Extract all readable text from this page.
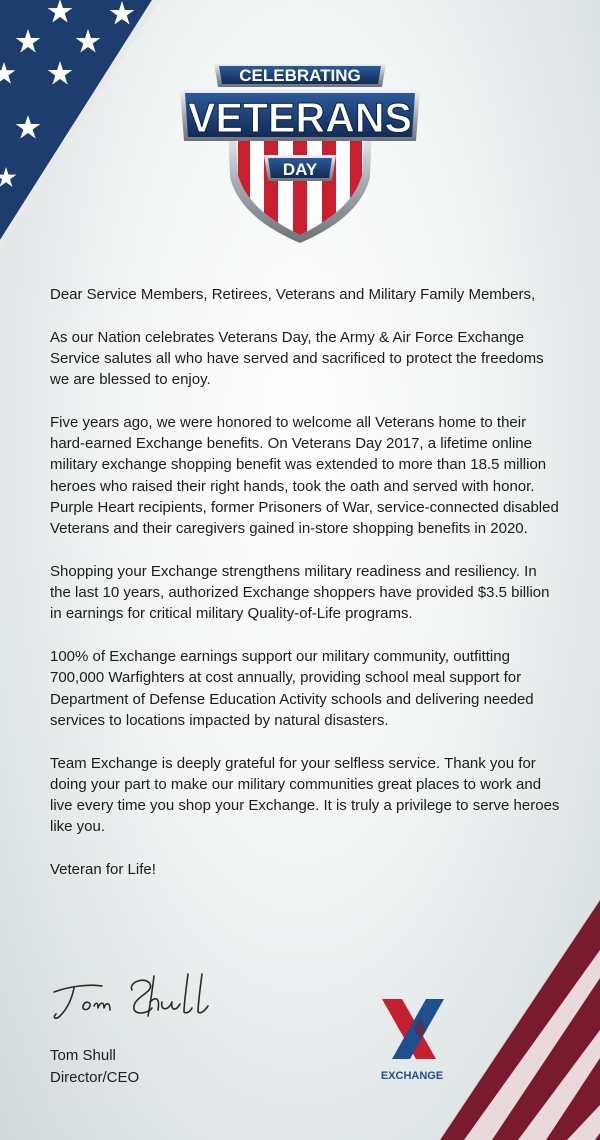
CELEBRATING
VETERANS
DAY

Dear Service Members, Retirees, Veterans and Military Family Members,

As our Nation celebrates Veterans Day, the Army & Air Force Exchange Service salutes all who have served and sacrificed to protect the freedoms we are blessed to enjoy.

Five years ago, we were honored to welcome all Veterans home to their hard-earned Exchange benefits. On Veterans Day 2017, a lifetime online military exchange shopping benefit was extended to more than 18.5 million heroes who raised their right hands, took the oath and served with honor. Purple Heart recipients, former Prisoners of War, service-connected disabled Veterans and their caregivers gained in-store shopping benefits in 2020.

Shopping your Exchange strengthens military readiness and resiliency. In the last 10 years, authorized Exchange shoppers have provided $3.5 billion in earnings for critical military Quality-of-Life programs.

100% of Exchange earnings support our military community, outfitting 700,000 Warfighters at cost annually, providing school meal support for Department of Defense Education Activity schools and delivering needed services to locations impacted by natural disasters.

Team Exchange is deeply grateful for your selfless service. Thank you for doing your part to make our military communities great places to work and live every time you shop your Exchange. It is truly a privilege to serve heroes like you.

Veteran for Life!

Tom Shull
Director/CEO	EXCHANGE
